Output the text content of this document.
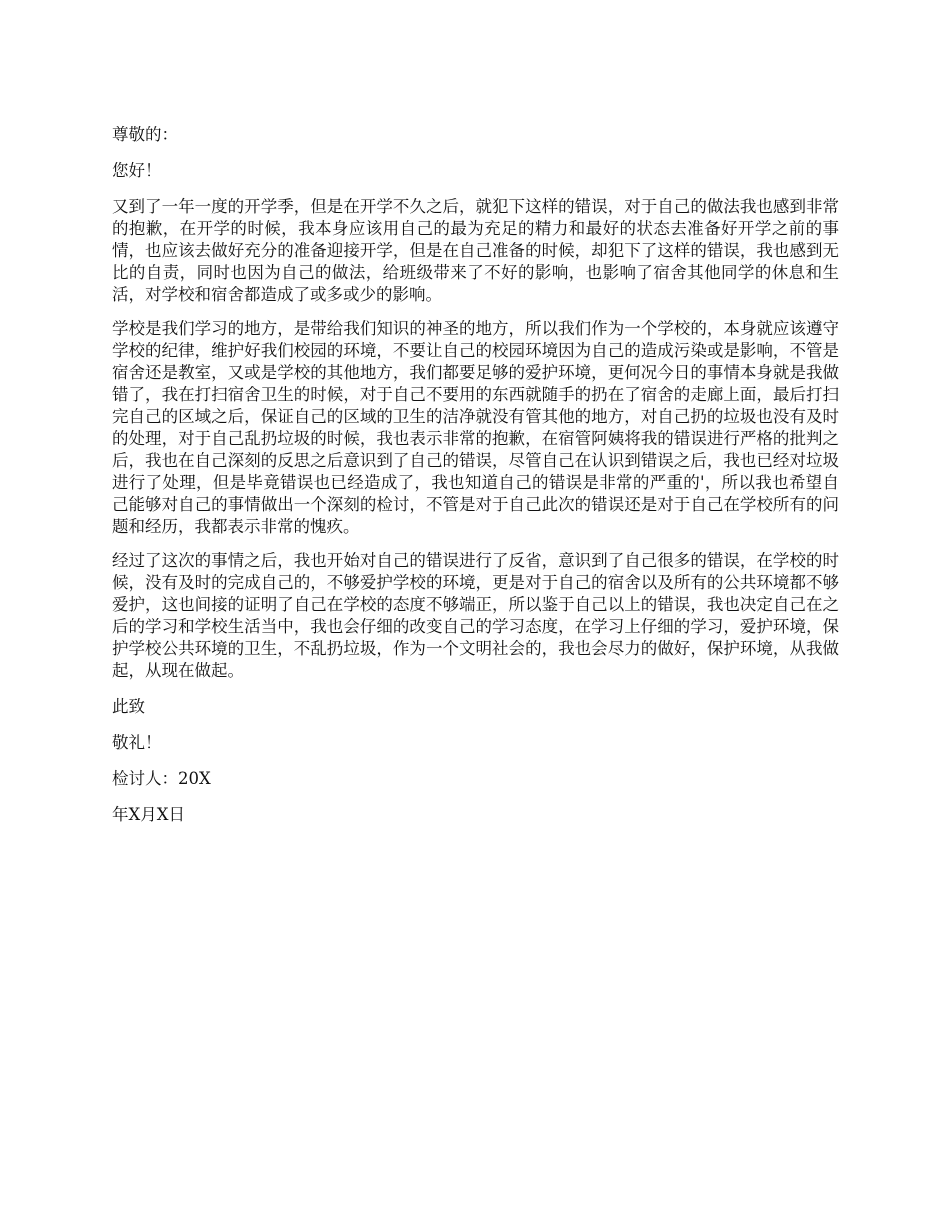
尊敬的：

您好！

又到了一年一度的开学季，但是在开学不久之后，就犯下这样的错误，对于自己的做法我也感到非常的抱歉，在开学的时候，我本身应该用自己的最为充足的精力和最好的状态去准备好开学之前的事情，也应该去做好充分的准备迎接开学，但是在自己准备的时候，却犯下了这样的错误，我也感到无比的自责，同时也因为自己的做法，给班级带来了不好的影响，也影响了宿舍其他同学的休息和生活，对学校和宿舍都造成了或多或少的影响。

学校是我们学习的地方，是带给我们知识的神圣的地方，所以我们作为一个学校的，本身就应该遵守学校的纪律，维护好我们校园的环境，不要让自己的校园环境因为自己的造成污染或是影响，不管是宿舍还是教室，又或是学校的其他地方，我们都要足够的爱护环境，更何况今日的事情本身就是我做错了，我在打扫宿舍卫生的时候，对于自己不要用的东西就随手的扔在了宿舍的走廊上面，最后打扫完自己的区域之后，保证自己的区域的卫生的洁净就没有管其他的地方，对自己扔的垃圾也没有及时的处理，对于自己乱扔垃圾的时候，我也表示非常的抱歉，在宿管阿姨将我的错误进行严格的批判之后，我也在自己深刻的反思之后意识到了自己的错误，尽管自己在认识到错误之后，我也已经对垃圾进行了处理，但是毕竟错误也已经造成了，我也知道自己的错误是非常的严重的'，所以我也希望自己能够对自己的事情做出一个深刻的检讨，不管是对于自己此次的错误还是对于自己在学校所有的问题和经历，我都表示非常的愧疚。

经过了这次的事情之后，我也开始对自己的错误进行了反省，意识到了自己很多的错误，在学校的时候，没有及时的完成自己的，不够爱护学校的环境，更是对于自己的宿舍以及所有的公共环境都不够爱护，这也间接的证明了自己在学校的态度不够端正，所以鉴于自己以上的错误，我也决定自己在之后的学习和学校生活当中，我也会仔细的改变自己的学习态度，在学习上仔细的学习，爱护环境，保护学校公共环境的卫生，不乱扔垃圾，作为一个文明社会的，我也会尽力的做好，保护环境，从我做起，从现在做起。

此致

敬礼！

检讨人：20X

年X月X日
